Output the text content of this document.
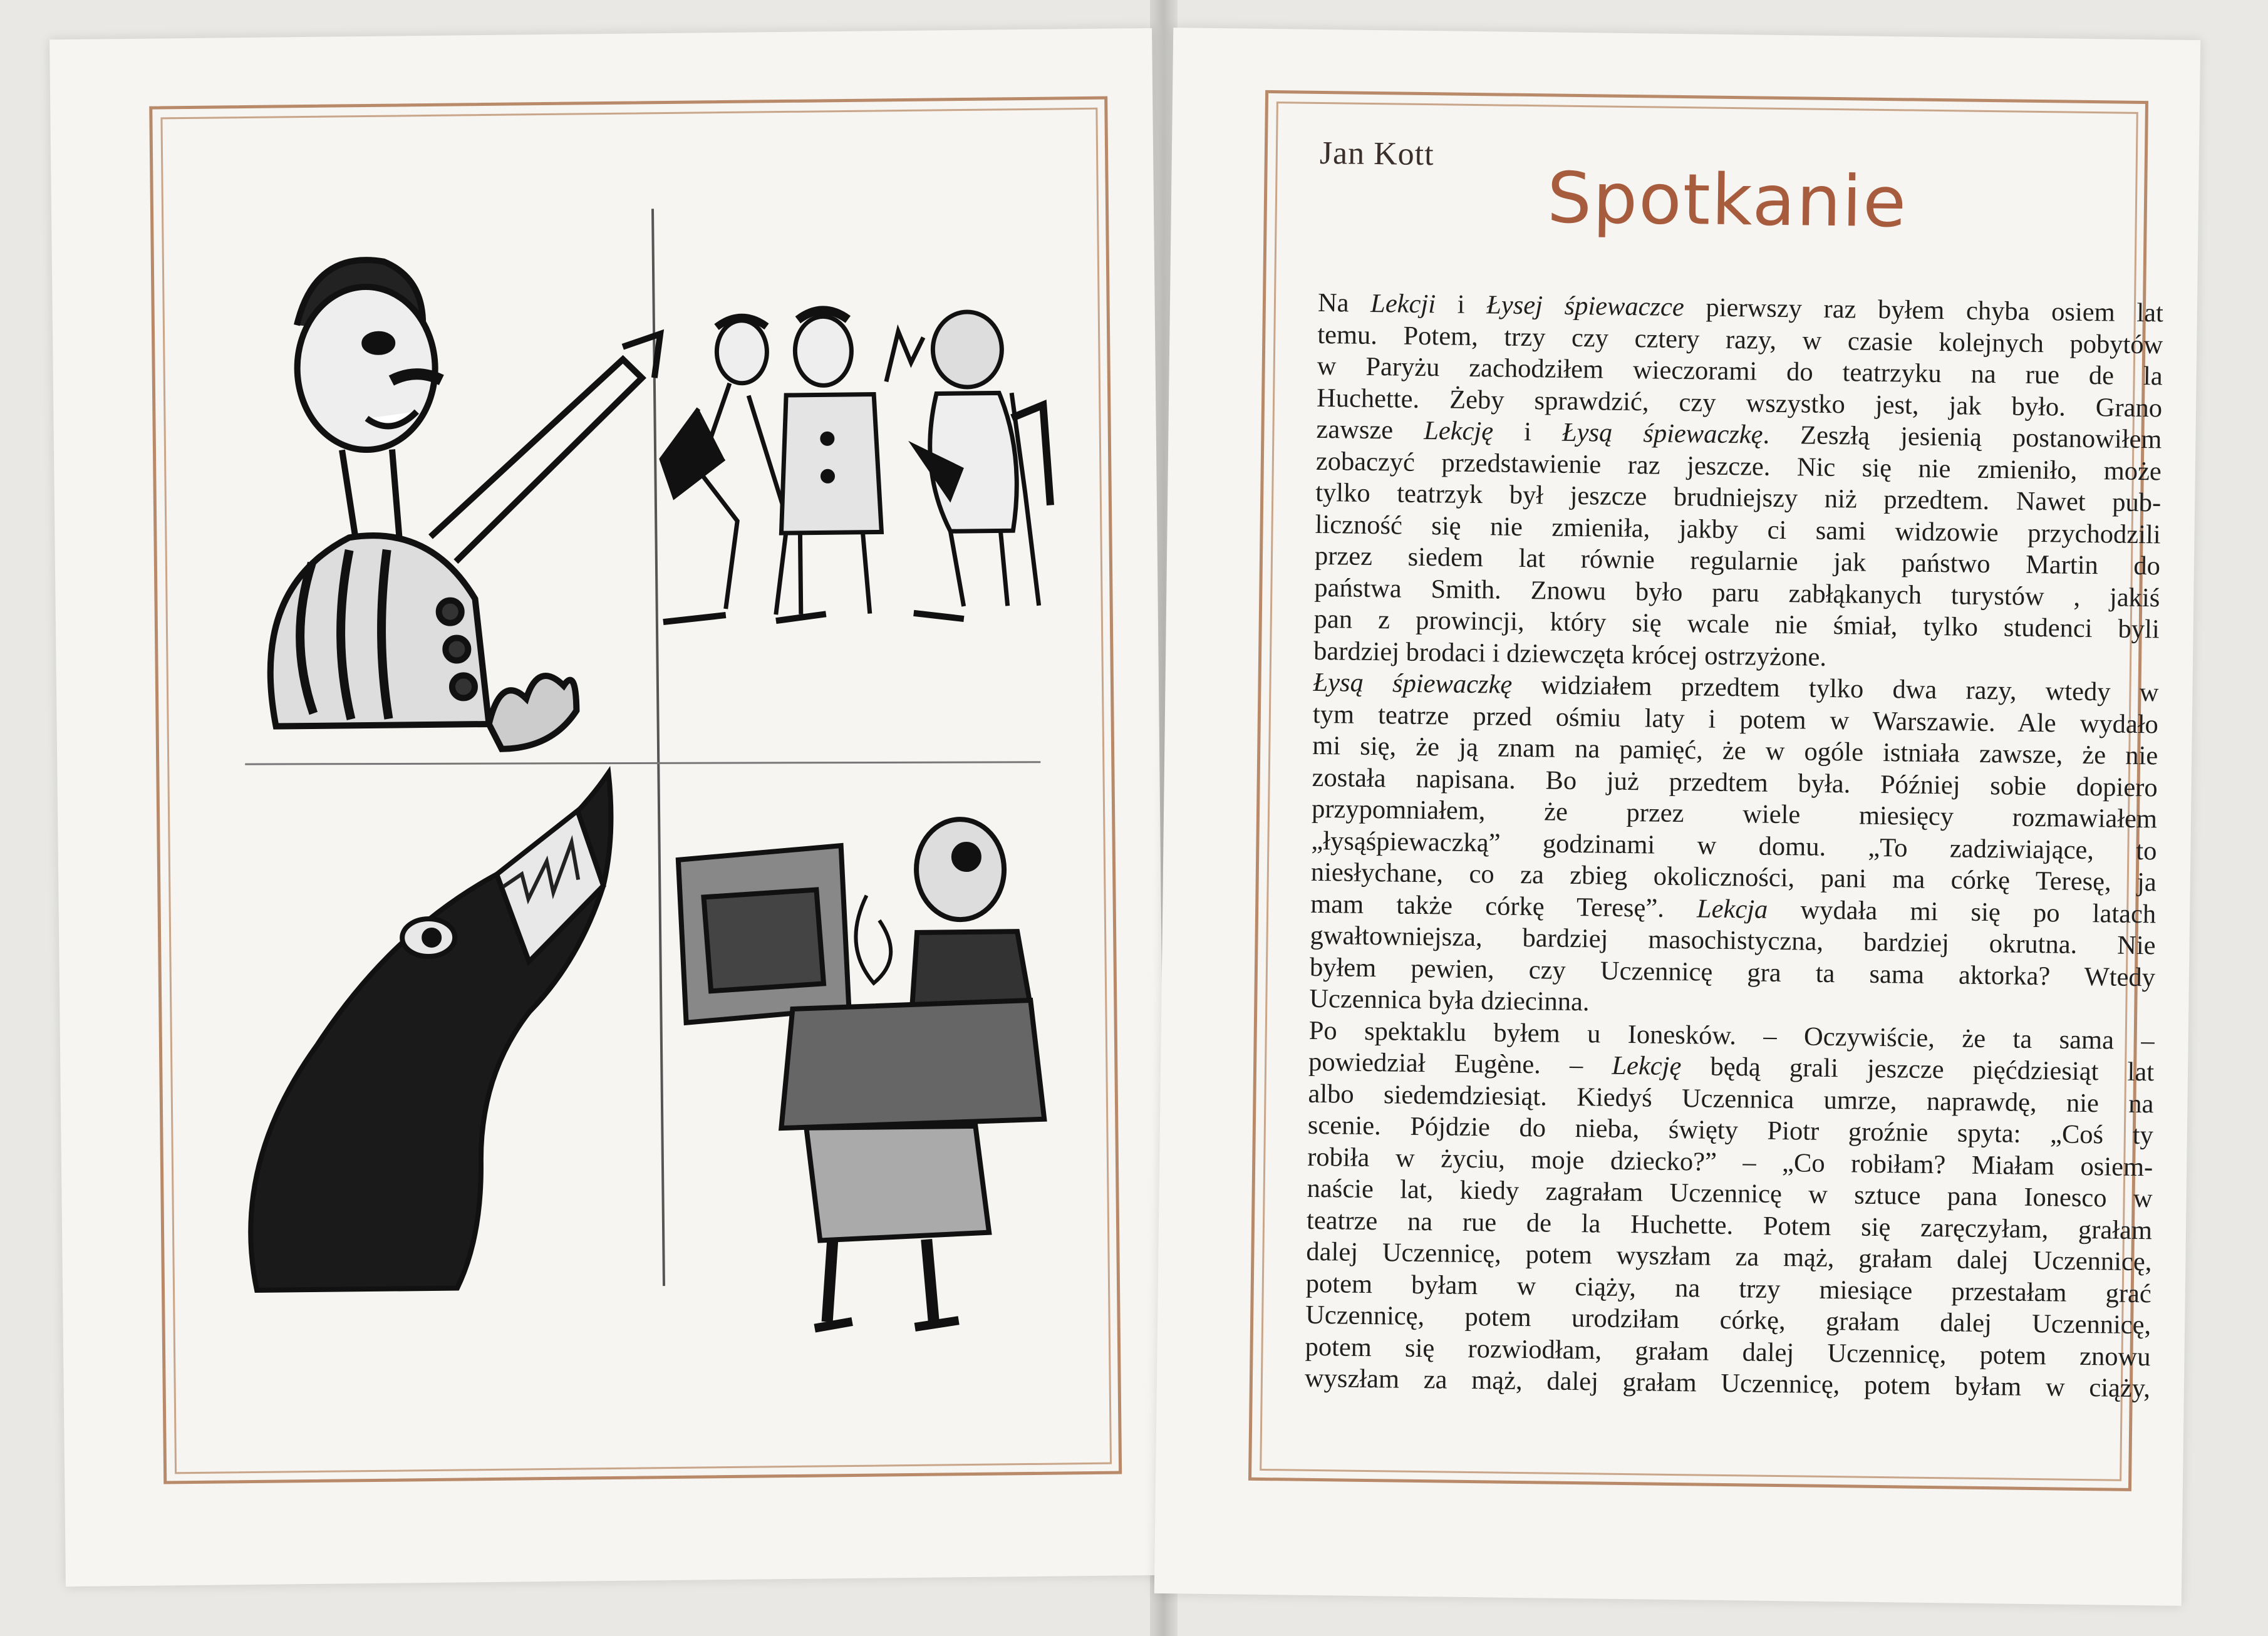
Jan Kott
Spotkanie
Na Lekcji i Łysej śpiewaczce pierwszy raz byłem chyba osiem lat
temu. Potem, trzy czy cztery razy, w czasie kolejnych pobytów
w Paryżu zachodziłem wieczorami do teatrzyku na rue de la
Huchette. Żeby sprawdzić, czy wszystko jest, jak było. Grano
zawsze Lekcję i Łysą śpiewaczkę. Zeszłą jesienią postanowiłem
zobaczyć przedstawienie raz jeszcze. Nic się nie zmieniło, może
tylko teatrzyk był jeszcze brudniejszy niż przedtem. Nawet pub-
liczność się nie zmieniła, jakby ci sami widzowie przychodzili
przez siedem lat równie regularnie jak państwo Martin do
państwa Smith. Znowu było paru zabłąkanych turystów , jakiś
pan z prowincji, który się wcale nie śmiał, tylko studenci byli
bardziej brodaci i dziewczęta krócej ostrzyżone.
Łysą śpiewaczkę widziałem przedtem tylko dwa razy, wtedy w
tym teatrze przed ośmiu laty i potem w Warszawie. Ale wydało
mi się, że ją znam na pamięć, że w ogóle istniała zawsze, że nie
została napisana. Bo już przedtem była. Później sobie dopiero
przypomniałem, że przez wiele miesięcy rozmawiałem
„łysąśpiewaczką” godzinami w domu. „To zadziwiające, to
niesłychane, co za zbieg okoliczności, pani ma córkę Teresę, ja
mam także córkę Teresę”. Lekcja wydała mi się po latach
gwałtowniejsza, bardziej masochistyczna, bardziej okrutna. Nie
byłem pewien, czy Uczennicę gra ta sama aktorka? Wtedy
Uczennica była dziecinna.
Po spektaklu byłem u Ionesków. – Oczywiście, że ta sama –
powiedział Eugène. – Lekcję będą grali jeszcze pięćdziesiąt lat
albo siedemdziesiąt. Kiedyś Uczennica umrze, naprawdę, nie na
scenie. Pójdzie do nieba, święty Piotr groźnie spyta: „Coś ty
robiła w życiu, moje dziecko?” – „Co robiłam? Miałam osiem-
naście lat, kiedy zagrałam Uczennicę w sztuce pana Ionesco w
teatrze na rue de la Huchette. Potem się zaręczyłam, grałam
dalej Uczennicę, potem wyszłam za mąż, grałam dalej Uczennicę,
potem byłam w ciąży, na trzy miesiące przestałam grać
Uczennicę, potem urodziłam córkę, grałam dalej Uczennicę,
potem się rozwiodłam, grałam dalej Uczennicę, potem znowu
wyszłam za mąż, dalej grałam Uczennicę, potem byłam w ciąży,
